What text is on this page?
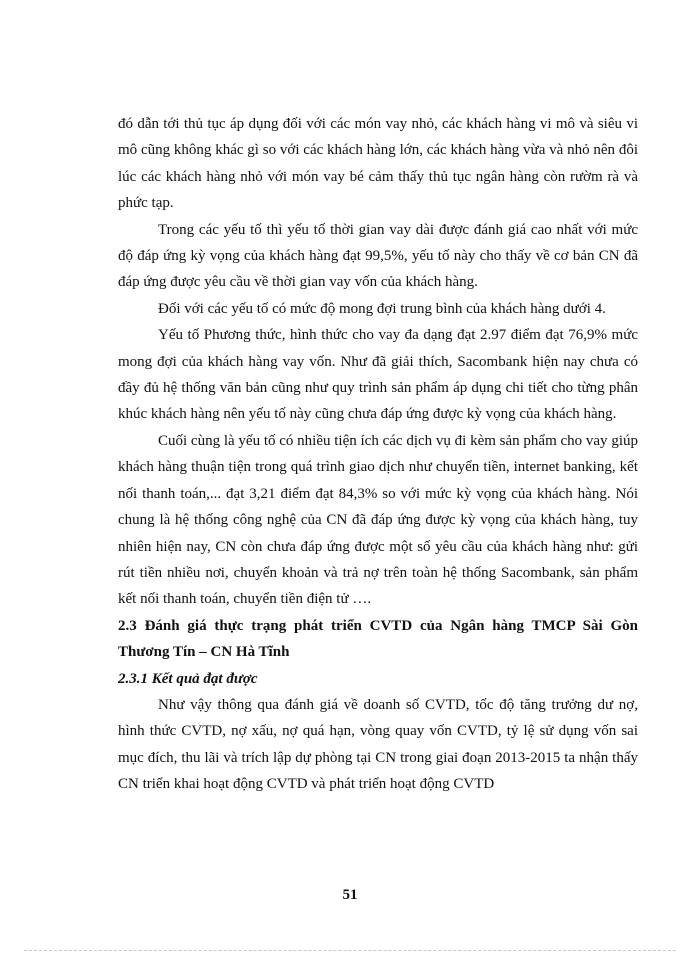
đó dẫn tới thủ tục áp dụng đối với các món vay nhỏ, các khách hàng vi mô và siêu vi mô cũng không khác gì so với các khách hàng lớn, các khách hàng vừa và nhỏ nên đôi lúc các khách hàng nhỏ với món vay bé cảm thấy thủ tục ngân hàng còn rườm rà và phức tạp.

Trong các yếu tố thì yếu tố thời gian vay dài được đánh giá cao nhất với mức độ đáp ứng kỳ vọng của khách hàng đạt 99,5%, yếu tố này cho thấy về cơ bản CN đã đáp ứng được yêu cầu về thời gian vay vốn của khách hàng.

Đối với các yếu tố có mức độ mong đợi trung bình của khách hàng dưới 4.

Yếu tố Phương thức, hình thức cho vay đa dạng đạt 2.97 điểm đạt 76,9% mức mong đợi của khách hàng vay vốn. Như đã giải thích, Sacombank hiện nay chưa có đầy đủ hệ thống văn bản cũng như quy trình sản phẩm áp dụng chi tiết cho từng phân khúc khách hàng nên yếu tố này cũng chưa đáp ứng được kỳ vọng của khách hàng.

Cuối cùng là yếu tố có nhiều tiện ích các dịch vụ đi kèm sản phẩm cho vay giúp khách hàng thuận tiện trong quá trình giao dịch như chuyển tiền, internet banking, kết nối thanh toán,... đạt 3,21 điểm đạt 84,3% so với mức kỳ vọng của khách hàng. Nói chung là hệ thống công nghệ của CN đã đáp ứng được kỳ vọng của khách hàng, tuy nhiên hiện nay, CN còn chưa đáp ứng được một số yêu cầu của khách hàng như: gửi rút tiền nhiều nơi, chuyển khoản và trả nợ trên toàn hệ thống Sacombank, sản phẩm kết nối thanh toán, chuyển tiền điện tử ….

2.3 Đánh giá thực trạng phát triển CVTD của Ngân hàng TMCP Sài Gòn Thương Tín – CN Hà Tĩnh

2.3.1 Kết quả đạt được

Như vậy thông qua đánh giá về doanh số CVTD, tốc độ tăng trưởng dư nợ, hình thức CVTD, nợ xấu, nợ quá hạn, vòng quay vốn CVTD, tỷ lệ sử dụng vốn sai mục đích, thu lãi và trích lập dự phòng tại CN trong giai đoạn 2013-2015 ta nhận thấy CN triển khai hoạt động CVTD và phát triển hoạt động CVTD

51
